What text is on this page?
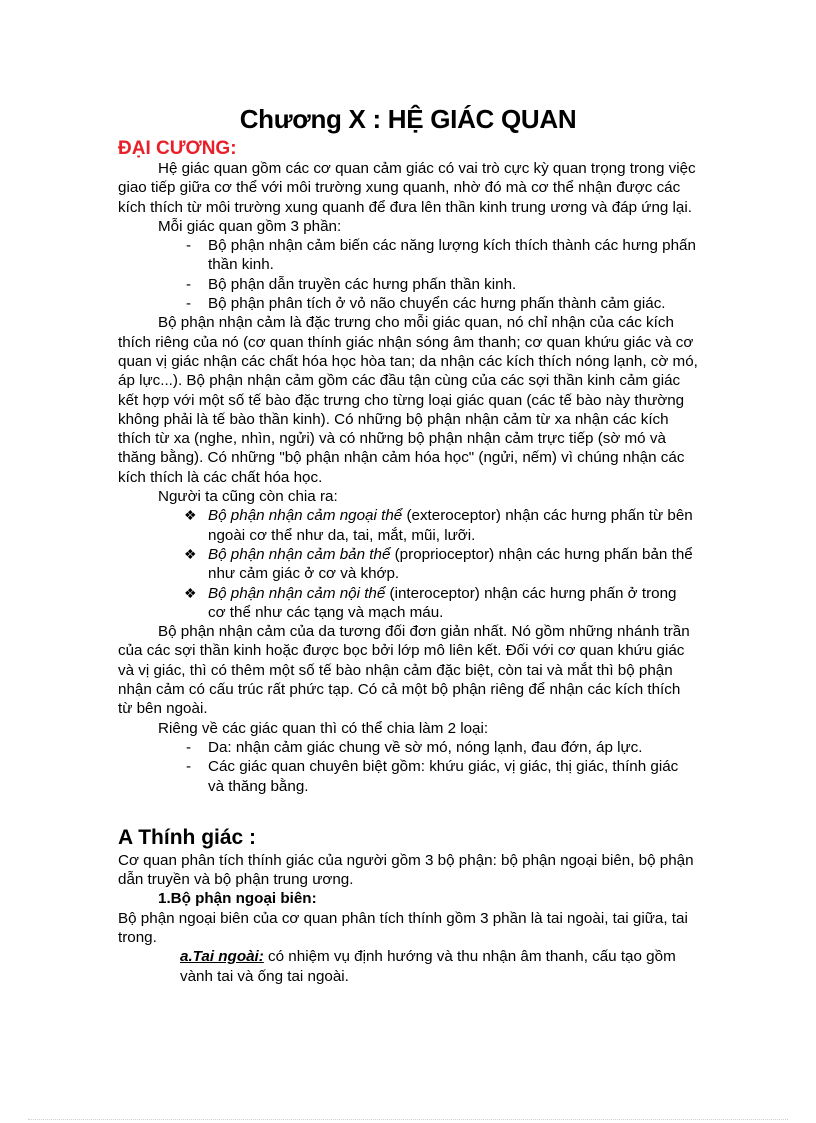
Chương X : HỆ GIÁC QUAN

ĐẠI CƯƠNG:

Hệ giác quan gồm các cơ quan cảm giác có vai trò cực kỳ quan trọng trong việc giao tiếp giữa cơ thể với môi trường xung quanh, nhờ đó mà cơ thể nhận được các kích thích từ môi trường xung quanh để đưa lên thần kinh trung ương và đáp ứng lại.

Mỗi giác quan gồm 3 phần:

- Bộ phận nhận cảm biến các năng lượng kích thích thành các hưng phấn thần kinh.
- Bộ phận dẫn truyền các hưng phấn thần kinh.
- Bộ phận phân tích ở vỏ não chuyển các hưng phấn thành cảm giác.

Bộ phận nhận cảm là đặc trưng cho mỗi giác quan, nó chỉ nhận của các kích thích riêng của nó (cơ quan thính giác nhận sóng âm thanh; cơ quan khứu giác và cơ quan vị giác nhận các chất hóa học hòa tan; da nhận các kích thích nóng lạnh, cờ mó, áp lực...). Bộ phận nhận cảm gồm các đầu tận cùng của các sợi thần kinh cảm giác kết hợp với một số tế bào đặc trưng cho từng loại giác quan (các tế bào này thường không phải là tế bào thần kinh). Có những bộ phận nhận cảm từ xa nhận các kích thích từ xa (nghe, nhìn, ngửi) và có những bộ phận nhận cảm trực tiếp (sờ mó và thăng bằng). Có những "bộ phận nhận cảm hóa học" (ngửi, nếm) vì chúng nhận các kích thích là các chất hóa học.

Người ta cũng còn chia ra:

❖ Bộ phận nhận cảm ngoại thể (exteroceptor) nhận các hưng phấn từ bên ngoài cơ thể như da, tai, mắt, mũi, lưỡi.
❖ Bộ phận nhận cảm bản thể (proprioceptor) nhận các hưng phấn bản thể như cảm giác ở cơ và khớp.
❖ Bộ phận nhận cảm nội thể (interoceptor) nhận các hưng phấn ở trong cơ thể như các tạng và mạch máu.

Bộ phận nhận cảm của da tương đối đơn giản nhất. Nó gồm những nhánh trần của các sợi thần kinh hoặc được bọc bởi lớp mô liên kết. Đối với cơ quan khứu giác và vị giác, thì có thêm một số tế bào nhận cảm đặc biệt, còn tai và mắt thì bộ phận nhận cảm có cấu trúc rất phức tạp. Có cả một bộ phận riêng để nhận các kích thích từ bên ngoài.

Riêng về các giác quan thì có thể chia làm 2 loại:

- Da: nhận cảm giác chung về sờ mó, nóng lạnh, đau đớn, áp lực.
- Các giác quan chuyên biệt gồm: khứu giác, vị giác, thị giác, thính giác và thăng bằng.

A Thính giác :

Cơ quan phân tích thính giác của người gồm 3 bộ phận: bộ phận ngoại biên, bộ phận dẫn truyền và bộ phận trung ương.

1.Bộ phận ngoại biên:

Bộ phận ngoại biên của cơ quan phân tích thính gồm 3 phần là tai ngoài, tai giữa, tai trong.

a.Tai ngoài: có nhiệm vụ định hướng và thu nhận âm thanh, cấu tạo gồm vành tai và ống tai ngoài.
